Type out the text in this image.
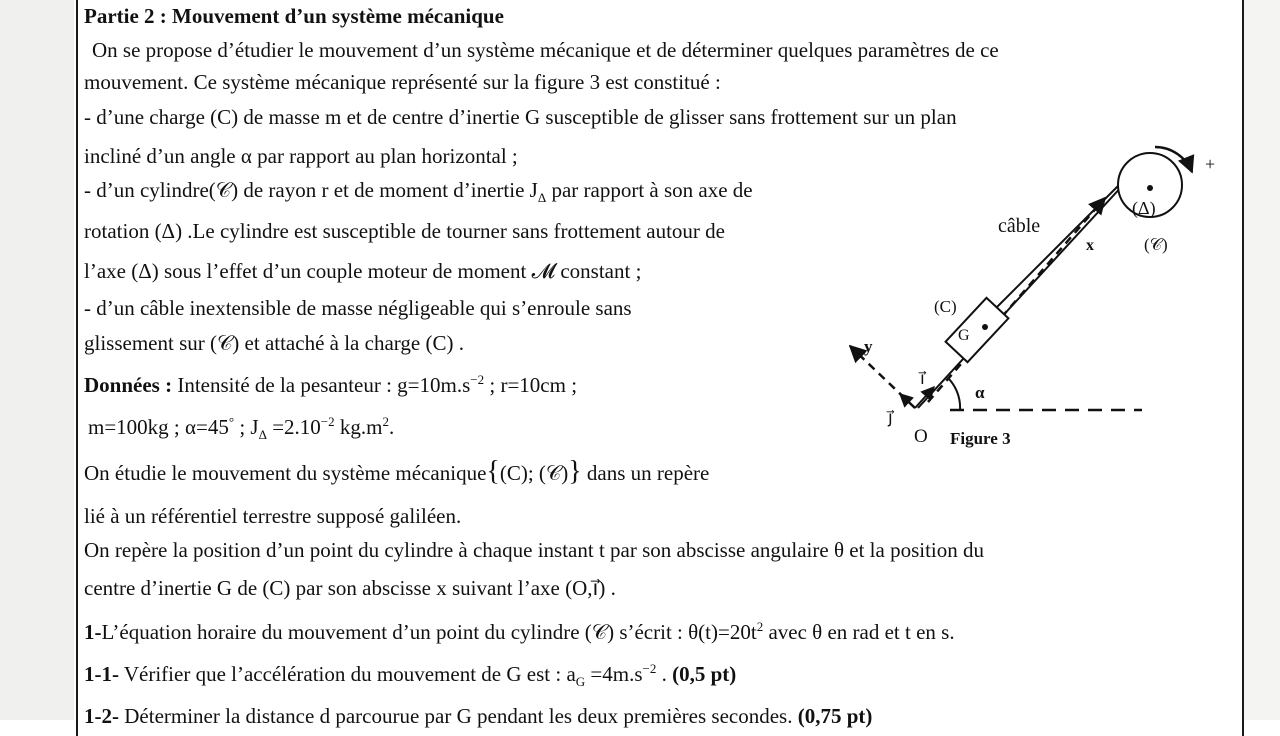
Partie 2 : Mouvement d’un système mécanique
On se propose d’étudier le mouvement d’un système mécanique et de déterminer quelques paramètres de ce
mouvement. Ce système mécanique représenté sur la figure 3 est constitué :
- d’une charge (C) de masse m et de centre d’inertie G susceptible de glisser sans frottement sur un plan
incliné d’un angle α par rapport au plan horizontal ;
- d’un cylindre(𝒞) de rayon r et de moment d’inertie $J_\Delta$ par rapport à son axe de
rotation (Δ) .Le cylindre est susceptible de tourner sans frottement autour de
l’axe (Δ) sous l’effet d’un couple moteur de moment 𝓜 constant ;
- d’un câble inextensible de masse négligeable qui s’enroule sans
glissement sur (𝒞) et attaché à la charge (C) .
Données : Intensité de la pesanteur : $g=10m.s^{-2}$ ; r=10cm ;
m=100kg ; α=45° ; $J_\Delta =2.10^{-2}$ $kg.m^2$.
On étudie le mouvement du système mécanique{(C); (𝒞)} dans un repère
lié à un référentiel terrestre supposé galiléen.
On repère la position d’un point du cylindre à chaque instant t par son abscisse angulaire θ et la position du
centre d’inertie G de (C) par son abscisse x suivant l’axe (O,i⃗) .
1-L’équation horaire du mouvement d’un point du cylindre (𝒞) s’écrit : $\theta(t)=20t^2$ avec θ en rad et t en s.
1-1- Vérifier que l’accélération du mouvement de G est : $a_G =4m.s^{-2}$ . (0,5 pt)
1-2- Déterminer la distance d parcourue par G pendant les deux premières secondes. (0,75 pt)
câble
x
y
O Figure 3
i⃗
j⃗
α
(C)
G
(Δ)
(𝒞)
+
